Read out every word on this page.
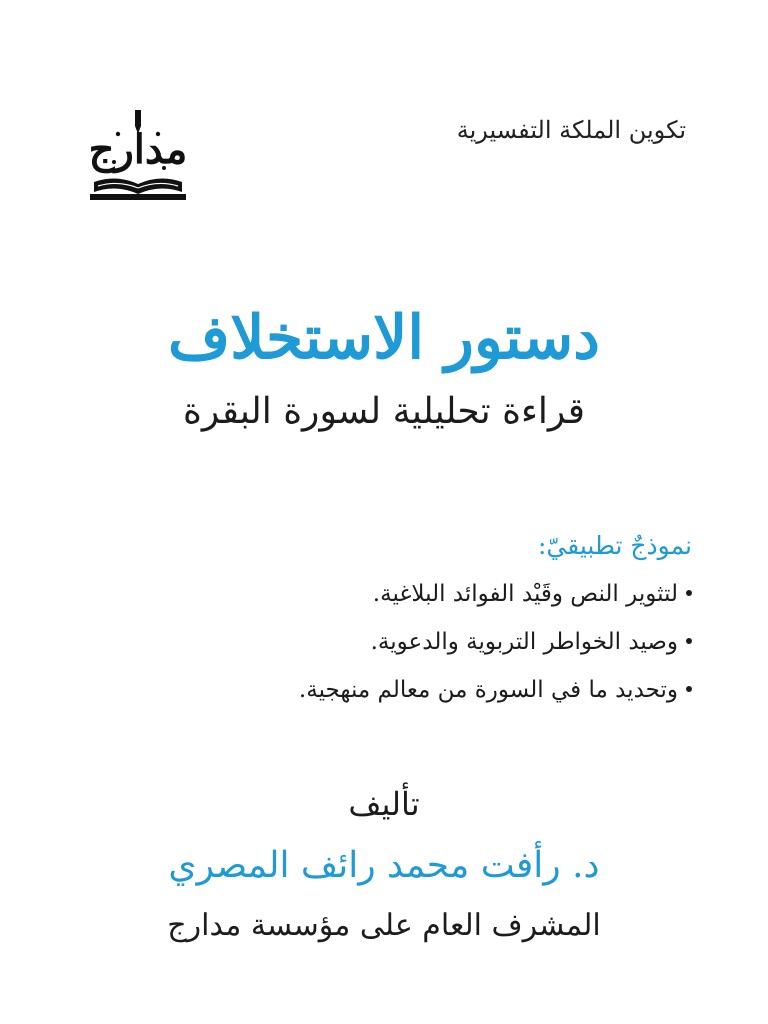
تكوين الملكة التفسيرية
مدارج
دستور الاستخلاف
قراءة تحليلية لسورة البقرة
نموذجٌ تطبيقيّ:
لتثوير النص وقَيْد الفوائد البلاغية.
وصيد الخواطر التربوية والدعوية.
وتحديد ما في السورة من معالم منهجية.
تأليف
د. رأفت محمد رائف المصري
المشرف العام على مؤسسة مدارج
